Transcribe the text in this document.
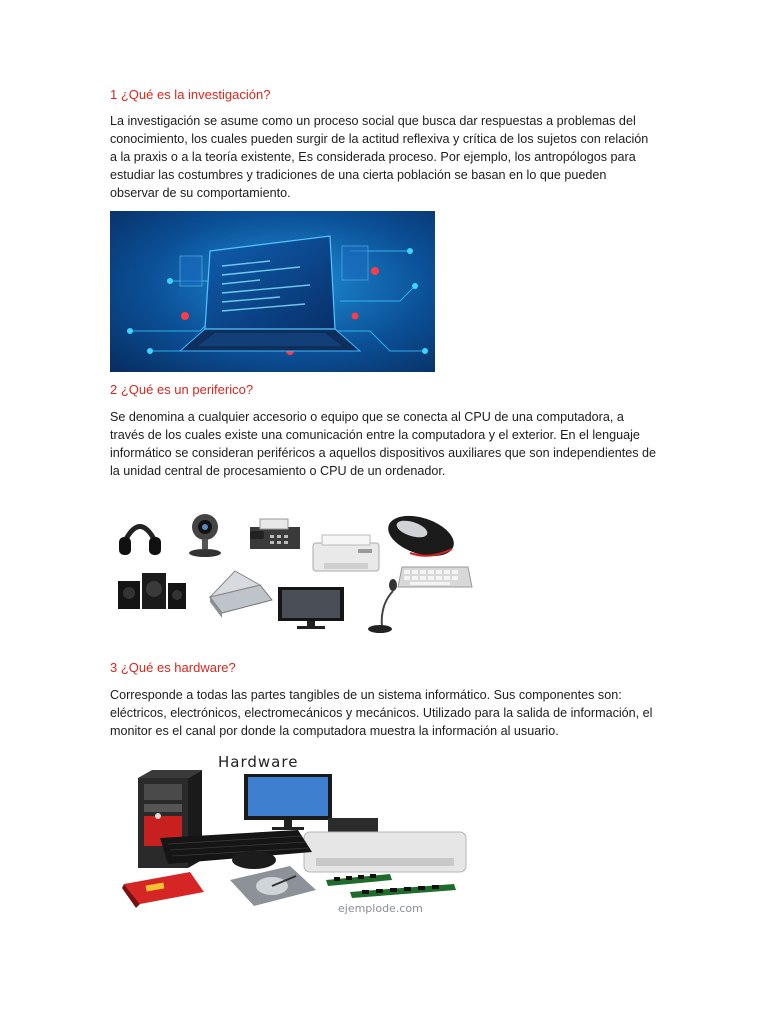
1 ¿Qué es la investigación?

La investigación se asume como un proceso social que busca dar respuestas a problemas del conocimiento, los cuales pueden surgir de la actitud reflexiva y crítica de los sujetos con relación a la praxis o a la teoría existente, Es considerada proceso. Por ejemplo, los antropólogos para estudiar las costumbres y tradiciones de una cierta población se basan en lo que pueden observar de su comportamiento.

2 ¿Qué es un periferico?

Se denomina a cualquier accesorio o equipo que se conecta al CPU de una computadora, a través de los cuales existe una comunicación entre la computadora y el exterior. En el lenguaje informático se consideran periféricos a aquellos dispositivos auxiliares que son independientes de la unidad central de procesamiento o CPU de un ordenador.

3 ¿Qué es hardware?

Corresponde a todas las partes tangibles de un sistema informático. Sus componentes son: eléctricos, electrónicos, electromecánicos y mecánicos. Utilizado para la salida de información, el monitor es el canal por donde la computadora muestra la información al usuario.

Hardware
ejemplode.com
